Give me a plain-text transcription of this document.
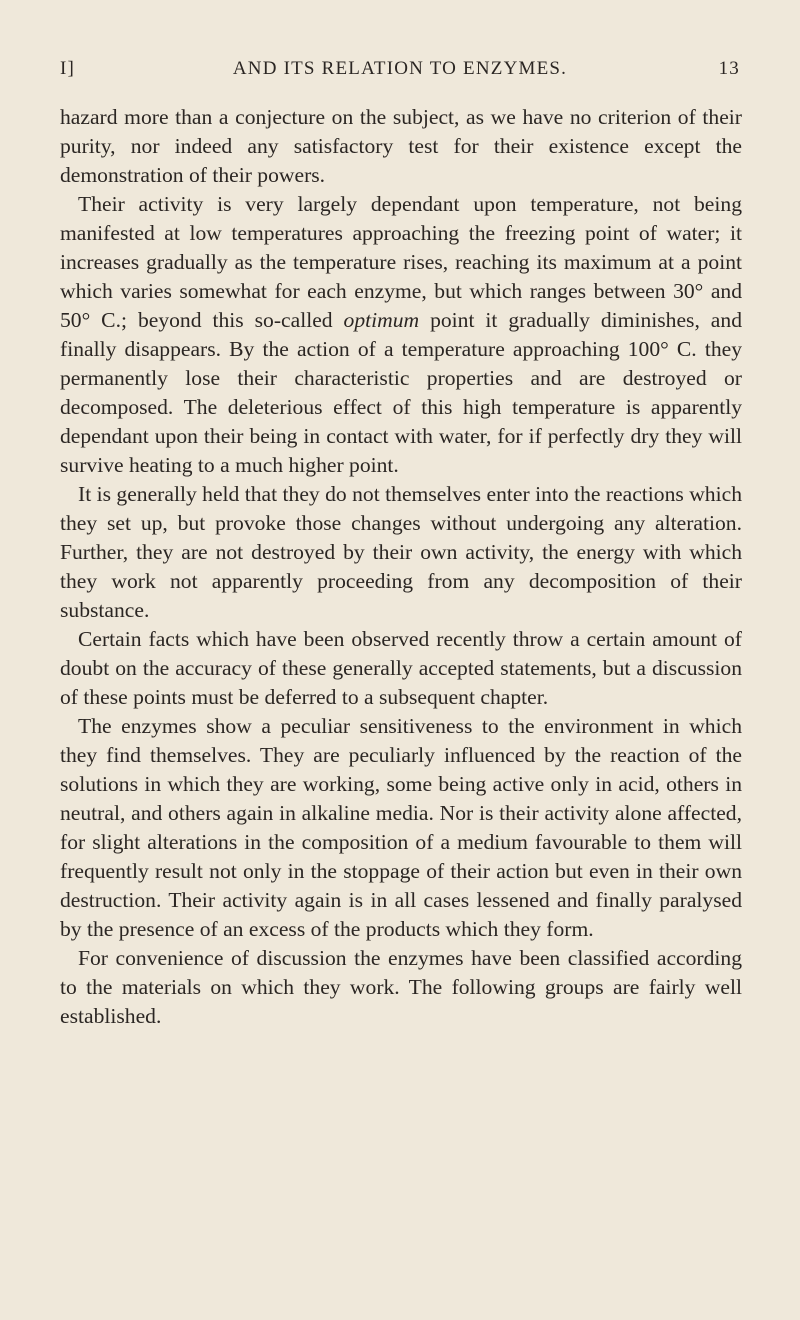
I]	AND ITS RELATION TO ENZYMES.	13

hazard more than a conjecture on the subject, as we have no criterion of their purity, nor indeed any satisfactory test for their existence except the demonstration of their powers.

Their activity is very largely dependant upon temperature, not being manifested at low temperatures approaching the freezing point of water; it increases gradually as the temperature rises, reaching its maximum at a point which varies somewhat for each enzyme, but which ranges between 30° and 50° C.; beyond this so-called optimum point it gradually diminishes, and finally disappears. By the action of a temperature approaching 100° C. they permanently lose their characteristic properties and are destroyed or decomposed. The deleterious effect of this high temperature is apparently dependant upon their being in contact with water, for if perfectly dry they will survive heating to a much higher point.

It is generally held that they do not themselves enter into the reactions which they set up, but provoke those changes without undergoing any alteration. Further, they are not destroyed by their own activity, the energy with which they work not apparently proceeding from any decomposition of their substance.

Certain facts which have been observed recently throw a certain amount of doubt on the accuracy of these generally accepted statements, but a discussion of these points must be deferred to a subsequent chapter.

The enzymes show a peculiar sensitiveness to the environment in which they find themselves. They are peculiarly influenced by the reaction of the solutions in which they are working, some being active only in acid, others in neutral, and others again in alkaline media. Nor is their activity alone affected, for slight alterations in the composition of a medium favourable to them will frequently result not only in the stoppage of their action but even in their own destruction. Their activity again is in all cases lessened and finally paralysed by the presence of an excess of the products which they form.

For convenience of discussion the enzymes have been classified according to the materials on which they work. The following groups are fairly well established.
